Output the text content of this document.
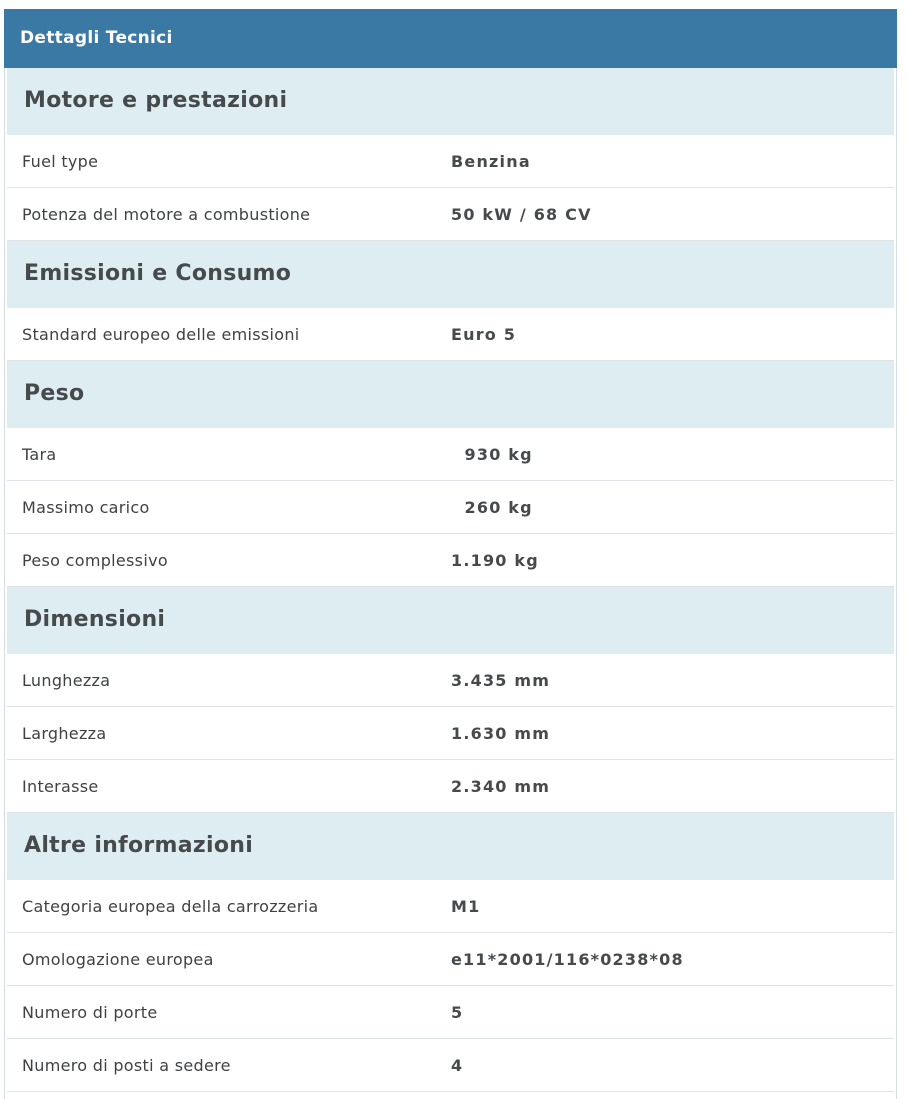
Dettagli Tecnici
Motore e prestazioni
Fuel type	Benzina
Potenza del motore a combustione	50 kW / 68 CV
Emissioni e Consumo
Standard europeo delle emissioni	Euro 5
Peso
Tara	930 kg
Massimo carico	260 kg
Peso complessivo	1.190 kg
Dimensioni
Lunghezza	3.435 mm
Larghezza	1.630 mm
Interasse	2.340 mm
Altre informazioni
Categoria europea della carrozzeria	M1
Omologazione europea	e11*2001/116*0238*08
Numero di porte	5
Numero di posti a sedere	4
